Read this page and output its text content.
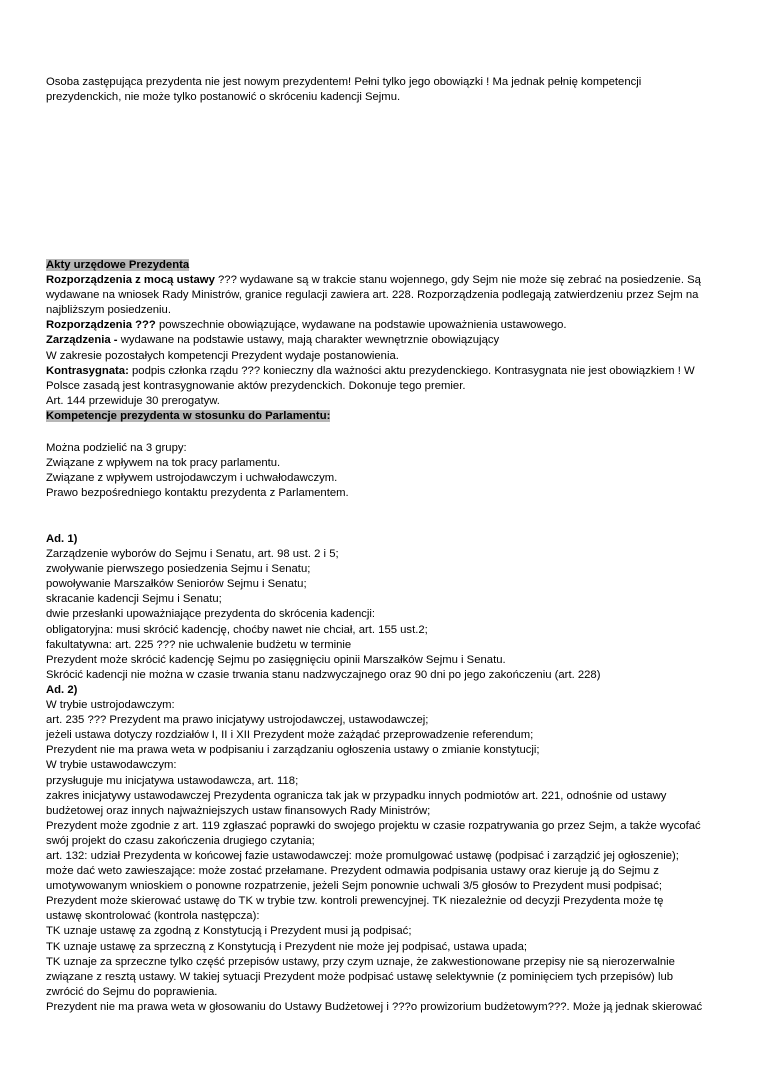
Osoba zastępująca prezydenta nie jest nowym prezydentem! Pełni tylko jego obowiązki ! Ma jednak pełnię kompetencji
prezydenckich, nie może tylko postanowić o skróceniu kadencji Sejmu.
Akty urzędowe Prezydenta
Rozporządzenia z mocą ustawy ??? wydawane są w trakcie stanu wojennego, gdy Sejm nie może się zebrać na posiedzenie. Są
wydawane na wniosek Rady Ministrów, granice regulacji zawiera art. 228. Rozporządzenia podlegają zatwierdzeniu przez Sejm na
najbliższym posiedzeniu.
Rozporządzenia ??? powszechnie obowiązujące, wydawane na podstawie upoważnienia ustawowego.
Zarządzenia - wydawane na podstawie ustawy, mają charakter wewnętrznie obowiązujący
W zakresie pozostałych kompetencji Prezydent wydaje postanowienia.
Kontrasygnata: podpis członka rządu ??? konieczny dla ważności aktu prezydenckiego. Kontrasygnata nie jest obowiązkiem ! W
Polsce zasadą jest kontrasygnowanie aktów prezydenckich. Dokonuje tego premier.
Art. 144 przewiduje 30 prerogatyw.
Kompetencje prezydenta w stosunku do Parlamentu:
Można podzielić na 3 grupy:
Związane z wpływem na tok pracy parlamentu.
Związane z wpływem ustrojodawczym i uchwałodawczym.
Prawo bezpośredniego kontaktu prezydenta z Parlamentem.
Ad. 1)
Zarządzenie wyborów do Sejmu i Senatu, art. 98 ust. 2 i 5;
zwoływanie pierwszego posiedzenia Sejmu i Senatu;
powoływanie Marszałków Seniorów Sejmu i Senatu;
skracanie kadencji Sejmu i Senatu;
dwie przesłanki upoważniające prezydenta do skrócenia kadencji:
obligatoryjna: musi skrócić kadencję, choćby nawet nie chciał, art. 155 ust.2;
fakultatywna: art. 225 ??? nie uchwalenie budżetu w terminie
Prezydent może skrócić kadencję Sejmu po zasięgnięciu opinii Marszałków Sejmu i Senatu.
Skrócić kadencji nie można w czasie trwania stanu nadzwyczajnego oraz 90 dni po jego zakończeniu (art. 228)
Ad. 2)
W trybie ustrojodawczym:
art. 235 ??? Prezydent ma prawo inicjatywy ustrojodawczej, ustawodawczej;
jeżeli ustawa dotyczy rozdziałów I, II i XII Prezydent może zażądać przeprowadzenie referendum;
Prezydent nie ma prawa weta w podpisaniu i zarządzaniu ogłoszenia ustawy o zmianie konstytucji;
W trybie ustawodawczym:
przysługuje mu inicjatywa ustawodawcza, art. 118;
zakres inicjatywy ustawodawczej Prezydenta ogranicza tak jak w przypadku innych podmiotów art. 221, odnośnie od ustawy
budżetowej oraz innych najważniejszych ustaw finansowych Rady Ministrów;
Prezydent może zgodnie z art. 119 zgłaszać poprawki do swojego projektu w czasie rozpatrywania go przez Sejm, a także wycofać
swój projekt do czasu zakończenia drugiego czytania;
art. 132: udział Prezydenta w końcowej fazie ustawodawczej: może promulgować ustawę (podpisać i zarządzić jej ogłoszenie);
może dać weto zawieszające: może zostać przełamane. Prezydent odmawia podpisania ustawy oraz kieruje ją do Sejmu z
umotywowanym wnioskiem o ponowne rozpatrzenie, jeżeli Sejm ponownie uchwali 3/5 głosów to Prezydent musi podpisać;
Prezydent może skierować ustawę do TK w trybie tzw. kontroli prewencyjnej. TK niezależnie od decyzji Prezydenta może tę
ustawę skontrolować (kontrola następcza):
TK uznaje ustawę za zgodną z Konstytucją i Prezydent musi ją podpisać;
TK uznaje ustawę za sprzeczną z Konstytucją i Prezydent nie może jej podpisać, ustawa upada;
TK uznaje za sprzeczne tylko część przepisów ustawy, przy czym uznaje, że zakwestionowane przepisy nie są nierozerwalnie
związane z resztą ustawy. W takiej sytuacji Prezydent może podpisać ustawę selektywnie (z pominięciem tych przepisów) lub
zwrócić do Sejmu do poprawienia.
Prezydent nie ma prawa weta w głosowaniu do Ustawy Budżetowej i ???o prowizorium budżetowym???. Może ją jednak skierować
